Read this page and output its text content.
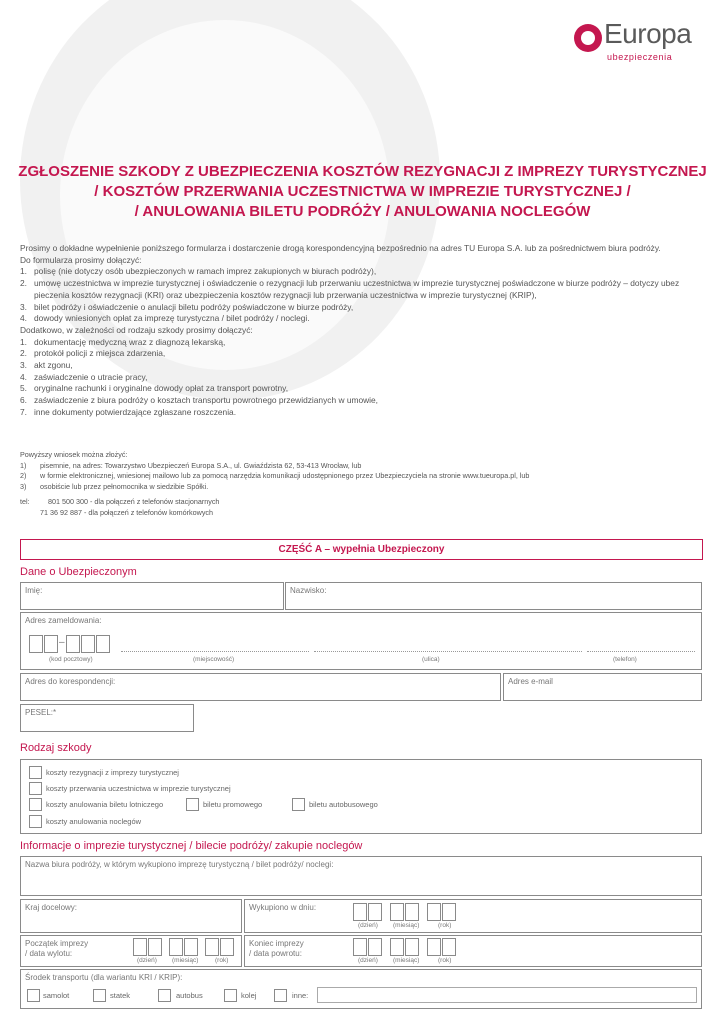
Europa
ubezpieczenia
ZGŁOSZENIE SZKODY Z UBEZPIECZENIA KOSZTÓW REZYGNACJI Z IMPREZY TURYSTYCZNEJ
/ KOSZTÓW PRZERWANIA UCZESTNICTWA W IMPREZIE TURYSTYCZNEJ /
/ ANULOWANIA BILETU PODRÓŻY / ANULOWANIA NOCLEGÓW

Prosimy o dokładne wypełnienie poniższego formularza i dostarczenie drogą korespondencyjną bezpośrednio na adres TU Europa S.A. lub za pośrednictwem biura podróży.

Do formularza prosimy dołączyć:

1. polisę (nie dotyczy osób ubezpieczonych w ramach imprez zakupionych w biurach podróży),
2. umowę uczestnictwa w imprezie turystycznej i oświadczenie o rezygnacji lub przerwaniu uczestnictwa w imprezie turystycznej poświadczone w biurze podróży – dotyczy ubez
pieczenia kosztów rezygnacji (KRI) oraz ubezpieczenia kosztów rezygnacji lub przerwania uczestnictwa w imprezie turystycznej (KRIP),
3. bilet podróży i oświadczenie o anulacji biletu podróży poświadczone w biurze podróży,
4. dowody wniesionych opłat za imprezę turystyczna / bilet podróży / noclegi.

Dodatkowo, w zależności od rodzaju szkody prosimy dołączyć:

1. dokumentację medyczną wraz z diagnozą lekarską,
2. protokół policji z miejsca zdarzenia,
3. akt zgonu,
4. zaświadczenie o utracie pracy,
5. oryginalne rachunki i oryginalne dowody opłat za transport powrotny,
6. zaświadczenie z biura podróży o kosztach transportu powrotnego przewidzianych w umowie,
7. inne dokumenty potwierdzające zgłaszane roszczenia.
Powyższy wniosek można złożyć:
1)	pisemnie, na adres: Towarzystwo Ubezpieczeń Europa S.A., ul. Gwiaździsta 62, 53-413 Wrocław, lub
2)	w formie elektronicznej, wniesionej mailowo lub za pomocą narzędzia komunikacji udostępnionego przez Ubezpieczyciela na stronie www.tueuropa.pl, lub
3)	osobiście lub przez pełnomocnika w siedzibie Spółki.
tel:	801 500 300 - dla połączeń z telefonów stacjonarnych
71 36 92 887 - dla połączeń z telefonów komórkowych
CZĘŚĆ A – wypełnia Ubezpieczony
Dane o Ubezpieczonym
Imię:	Nazwisko:
Adres zameldowania:
–
(kod pocztowy)	(miejscowość)	(ulica)	(telefon)
Adres do korespondencji:	Adres e-mail
PESEL:*
Rodzaj szkody
koszty rezygnacji z imprezy turystycznej
koszty przerwania uczestnictwa w imprezie turystycznej
koszty anulowania biletu lotniczego	biletu promowego	biletu autobusowego
koszty anulowania noclegów
Informacje o imprezie turystycznej / bilecie podróży/ zakupie noclegów
Nazwa biura podróży, w którym wykupiono imprezę turystyczną / bilet podróży/ noclegi:
Kraj docelowy:	Wykupiono w dniu:
(dzień) (miesiąc)	(rok)
Początek imprezy
/ data wylotu:
(dzień) (miesiąc)	(rok)
Koniec imprezy
/ data powrotu:
(dzień) (miesiąc)	(rok)
Środek transportu (dla wariantu KRI / KRIP):
samolot	statek	autobus	kolej	inne:
